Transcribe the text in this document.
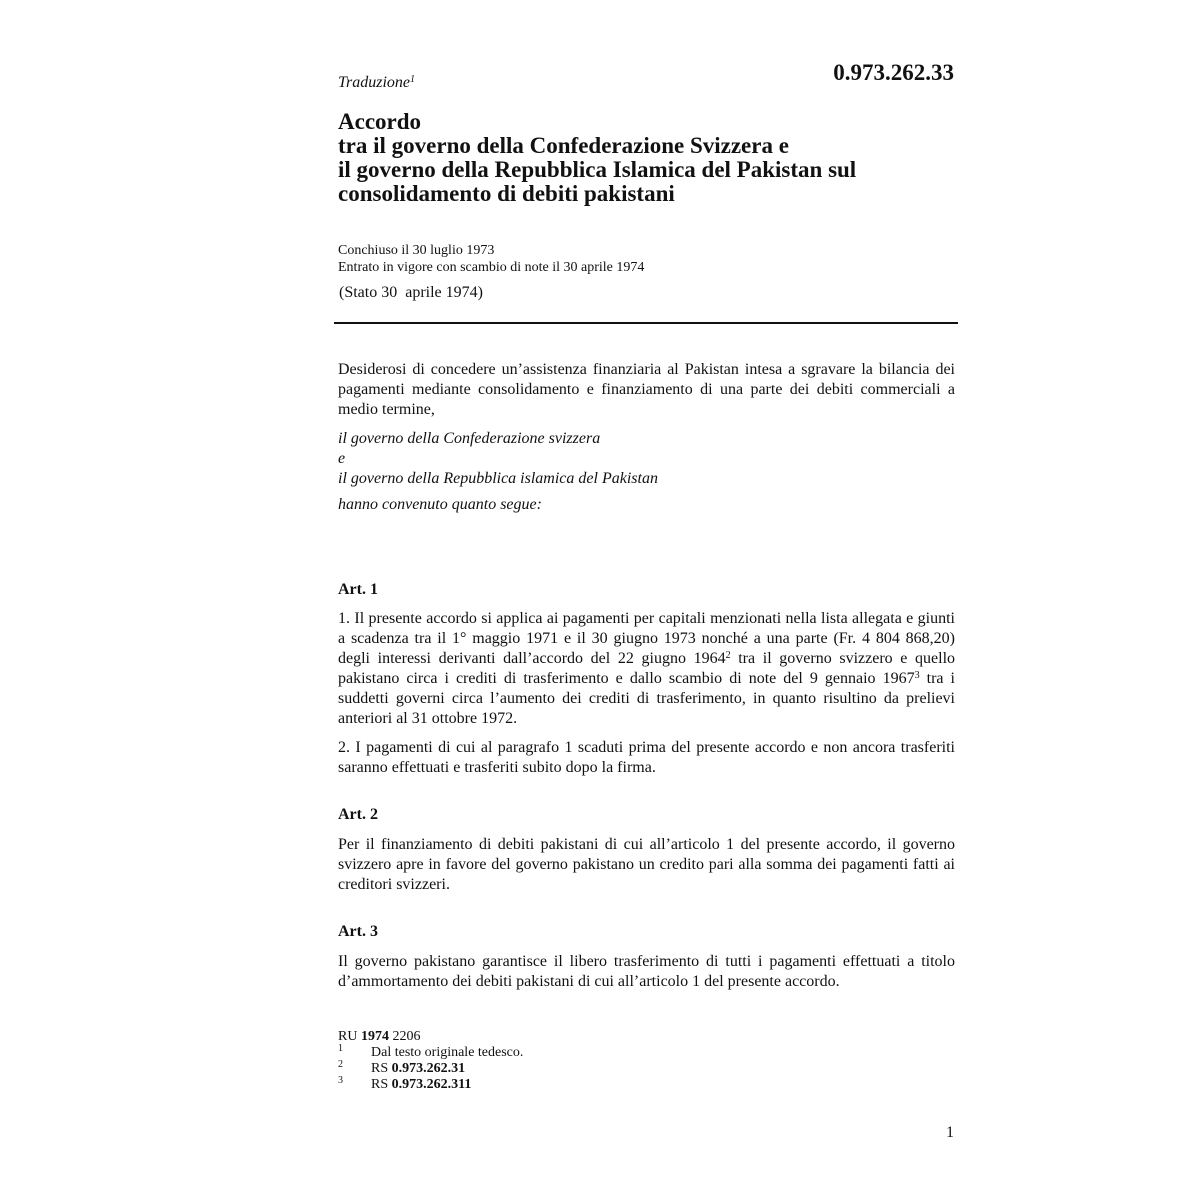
Traduzione$^1$	0.973.262.33
Accordo
tra il governo della Confederazione Svizzera e
il governo della Repubblica Islamica del Pakistan sul
consolidamento di debiti pakistani
Conchiuso il 30 luglio 1973
Entrato in vigore con scambio di note il 30 aprile 1974
(Stato 30  aprile 1974)
Desiderosi di concedere un’assistenza finanziaria al Pakistan intesa a sgravare la bilancia dei pagamenti mediante consolidamento e finanziamento di una parte dei debiti commerciali a medio termine,
il governo della Confederazione svizzera
e
il governo della Repubblica islamica del Pakistan
hanno convenuto quanto segue:
Art. 1
1. Il presente accordo si applica ai pagamenti per capitali menzionati nella lista allegata e giunti a scadenza tra il 1° maggio 1971 e il 30 giugno 1973 nonché a una parte (Fr. 4 804 868,20) degli interessi derivanti dall’accordo del 22 giugno 1964$^2$ tra il governo svizzero e quello pakistano circa i crediti di trasferimento e dallo scambio di note del 9 gennaio 1967$^3$ tra i suddetti governi circa l’aumento dei crediti di trasferimento, in quanto risultino da prelievi anteriori al 31 ottobre 1972.
2. I pagamenti di cui al paragrafo 1 scaduti prima del presente accordo e non ancora trasferiti saranno effettuati e trasferiti subito dopo la firma.
Art. 2
Per il finanziamento di debiti pakistani di cui all’articolo 1 del presente accordo, il governo svizzero apre in favore del governo pakistano un credito pari alla somma dei pagamenti fatti ai creditori svizzeri.
Art. 3
Il governo pakistano garantisce il libero trasferimento di tutti i pagamenti effettuati a titolo d’ammortamento dei debiti pakistani di cui all’articolo 1 del presente accordo.
RU 1974 2206
1 Dal testo originale tedesco.
2 RS 0.973.262.31
3 RS 0.973.262.311
1
